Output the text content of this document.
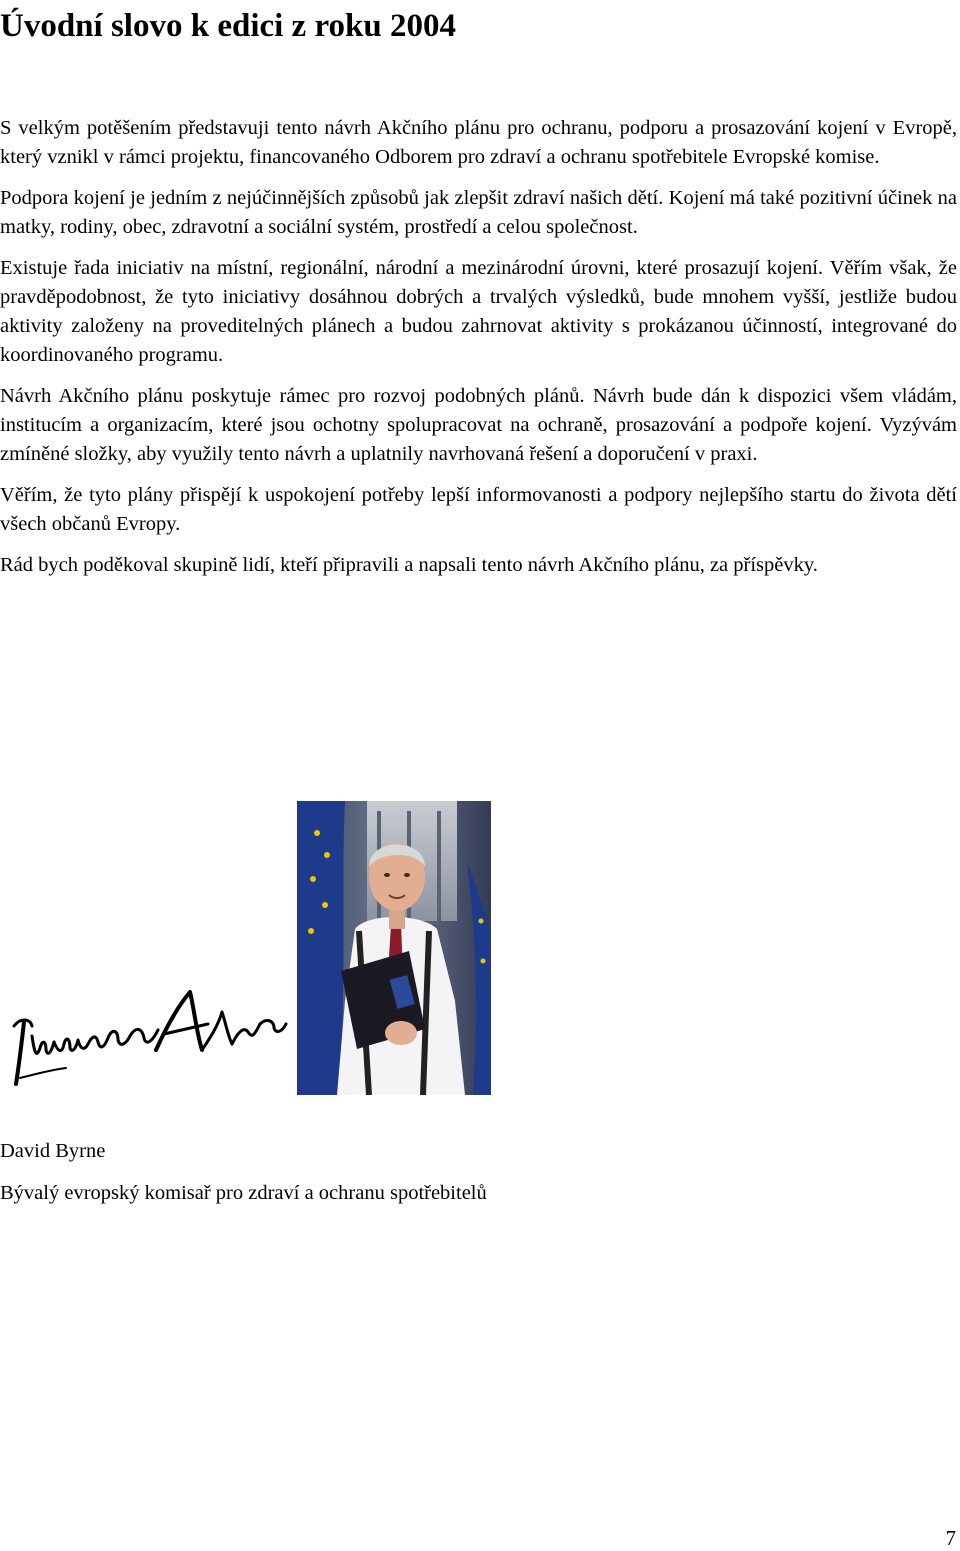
Úvodní slovo k edici z roku 2004

S velkým potěšením představuji tento návrh Akčního plánu pro ochranu, podporu a prosazování kojení v Evropě, který vznikl v rámci projektu, financovaného Odborem pro zdraví a ochranu spotřebitele Evropské komise.

Podpora kojení je jedním z nejúčinnějších způsobů jak zlepšit zdraví našich dětí. Kojení má také pozitivní účinek na matky, rodiny, obec, zdravotní a sociální systém, prostředí a celou společnost.

Existuje řada iniciativ na místní, regionální, národní a mezinárodní úrovni, které prosazují kojení. Věřím však, že pravděpodobnost, že tyto iniciativy dosáhnou dobrých a trvalých výsledků, bude mnohem vyšší, jestliže budou aktivity založeny na proveditelných plánech a budou zahrnovat aktivity s prokázanou účinností, integrované do koordinovaného programu.

Návrh Akčního plánu poskytuje rámec pro rozvoj podobných plánů. Návrh bude dán k dispozici všem vládám, institucím a organizacím, které jsou ochotny spolupracovat na ochraně, prosazování a podpoře kojení. Vyzývám zmíněné složky, aby využily tento návrh a uplatnily navrhovaná řešení a doporučení v praxi.

Věřím, že tyto plány přispějí k uspokojení potřeby lepší informovanosti a podpory nejlepšího startu do života dětí všech občanů Evropy.

Rád bych poděkoval skupině lidí, kteří připravili a napsali tento návrh Akčního plánu, za příspěvky.

David Byrne
Bývalý evropský komisař pro zdraví a ochranu spotřebitelů
7
